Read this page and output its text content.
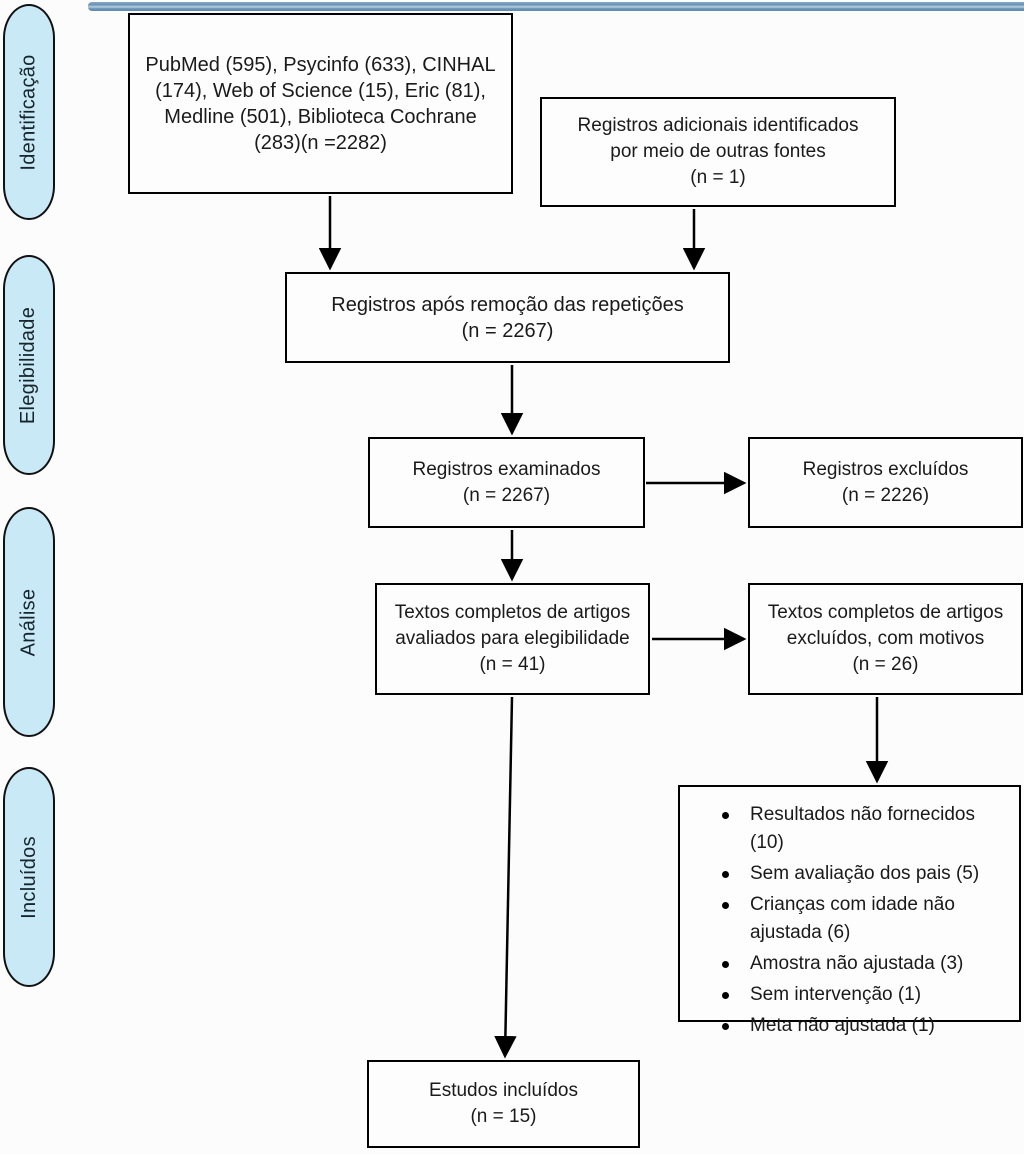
Identificação
Elegibilidade
Análise
Incluídos
PubMed (595), Psycinfo (633), CINHAL
(174), Web of Science (15), Eric (81),
Medline (501), Biblioteca Cochrane
(283)(n =2282)
Registros adicionais identificados
por meio de outras fontes
(n = 1)
Registros após remoção das repetições
(n = 2267)
Registros examinados
(n = 2267)
Registros excluídos
(n = 2226)
Textos completos de artigos
avaliados para elegibilidade
(n = 41)
Textos completos de artigos
excluídos, com motivos
(n = 26)
Resultados não fornecidos (10)
Sem avaliação dos pais (5)
Crianças com idade não ajustada (6)
Amostra não ajustada (3)
Sem intervenção (1)
Meta não ajustada (1)
Estudos incluídos
(n = 15)
